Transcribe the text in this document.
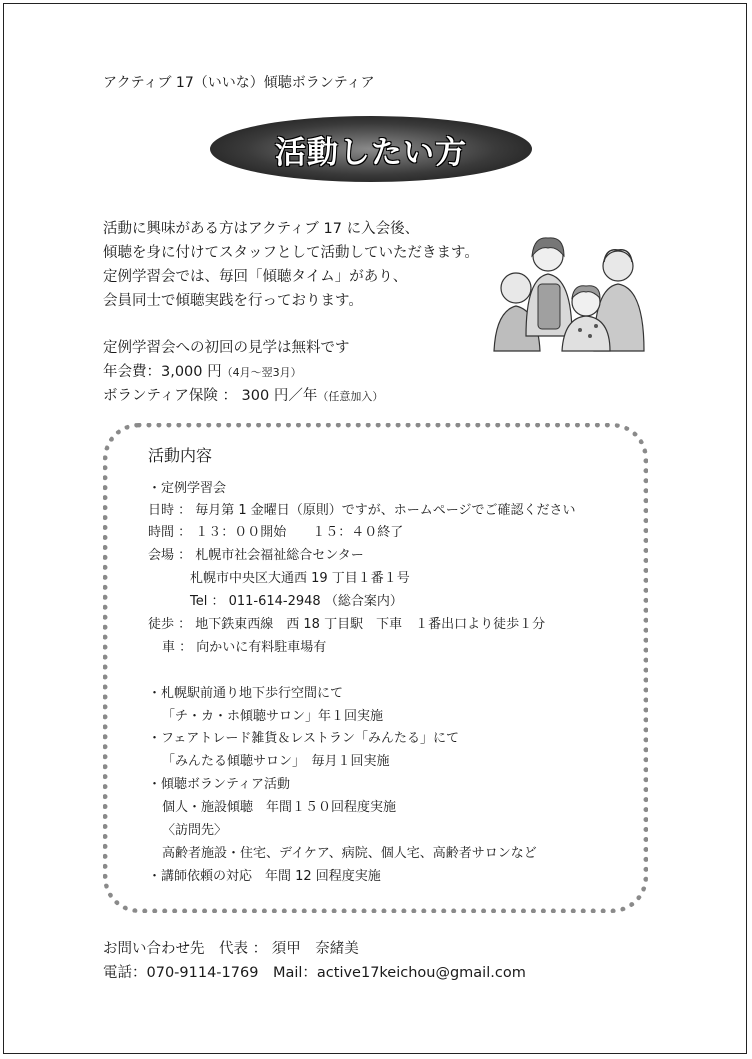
アクティブ 17（いいな）傾聴ボランティア
活動したい方
活動に興味がある方はアクティブ 17 に入会後、
傾聴を身に付けてスタッフとして活動していただきます。
定例学習会では、毎回「傾聴タイム」があり、
会員同士で傾聴実践を行っております。
定例学習会への初回の見学は無料です
年会費：3,000 円（4月～翌3月）
ボランティア保険 ： 300 円／年（任意加入）
活動内容
・定例学習会
日時 ： 毎月第 1 金曜日（原則）ですが、ホームページでご確認ください
時間 ： １３：００開始　　１５：４０終了
会場 ： 札幌市社会福祉総合センター
札幌市中央区大通西 19 丁目１番１号
Tel ： 011-614-2948 （総合案内）
徒歩 ： 地下鉄東西線　西 18 丁目駅　下車　１番出口より徒歩１分
車 ： 向かいに有料駐車場有
・札幌駅前通り地下歩行空間にて
「チ・カ・ホ傾聴サロン」年１回実施
・フェアトレード雑貨＆レストラン「みんたる」にて
「みんたる傾聴サロン」　毎月１回実施
・傾聴ボランティア活動
個人・施設傾聴　年間１５０回程度実施
〈訪問先〉
高齢者施設・住宅、デイケア、病院、個人宅、高齢者サロンなど
・講師依頼の対応　年間 12 回程度実施
お問い合わせ先　代表 ： 須甲　奈緒美
電話：070-9114-1769　Mail：active17keichou@gmail.com
